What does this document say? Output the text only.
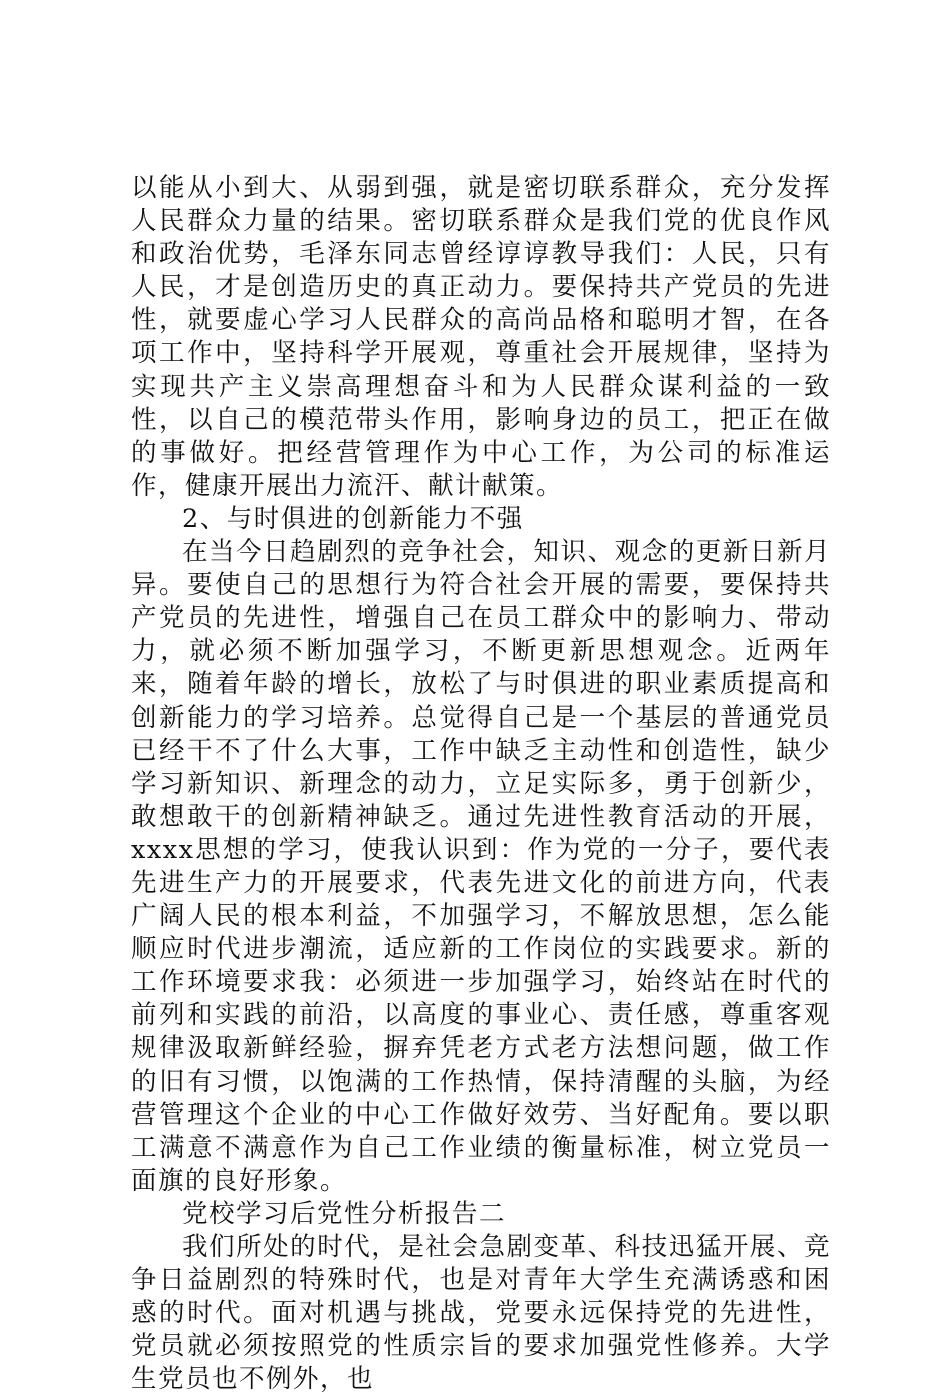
以能从小到大、从弱到强，就是密切联系群众，充分发挥人民群众力量的结果。密切联系群众是我们党的优良作风和政治优势，毛泽东同志曾经谆谆教导我们：人民，只有人民，才是创造历史的真正动力。要保持共产党员的先进性，就要虚心学习人民群众的高尚品格和聪明才智，在各项工作中，坚持科学开展观，尊重社会开展规律，坚持为实现共产主义崇高理想奋斗和为人民群众谋利益的一致性，以自己的模范带头作用，影响身边的员工，把正在做的事做好。把经营管理作为中心工作，为公司的标准运作，健康开展出力流汗、献计献策。

2、与时俱进的创新能力不强

在当今日趋剧烈的竞争社会，知识、观念的更新日新月异。要使自己的思想行为符合社会开展的需要，要保持共产党员的先进性，增强自己在员工群众中的影响力、带动力，就必须不断加强学习，不断更新思想观念。近两年来，随着年龄的增长，放松了与时俱进的职业素质提高和创新能力的学习培养。总觉得自己是一个基层的普通党员已经干不了什么大事，工作中缺乏主动性和创造性，缺少学习新知识、新理念的动力，立足实际多，勇于创新少，敢想敢干的创新精神缺乏。通过先进性教育活动的开展，xxxx思想的学习，使我认识到：作为党的一分子，要代表先进生产力的开展要求，代表先进文化的前进方向，代表广阔人民的根本利益，不加强学习，不解放思想，怎么能顺应时代进步潮流，适应新的工作岗位的实践要求。新的工作环境要求我：必须进一步加强学习，始终站在时代的前列和实践的前沿，以高度的事业心、责任感，尊重客观规律汲取新鲜经验，摒弃凭老方式老方法想问题，做工作的旧有习惯，以饱满的工作热情，保持清醒的头脑，为经营管理这个企业的中心工作做好效劳、当好配角。要以职工满意不满意作为自己工作业绩的衡量标准，树立党员一面旗的良好形象。

党校学习后党性分析报告二

我们所处的时代，是社会急剧变革、科技迅猛开展、竞争日益剧烈的特殊时代，也是对青年大学生充满诱惑和困惑的时代。面对机遇与挑战，党要永远保持党的先进性，党员就必须按照党的性质宗旨的要求加强党性修养。大学生党员也不例外，也
